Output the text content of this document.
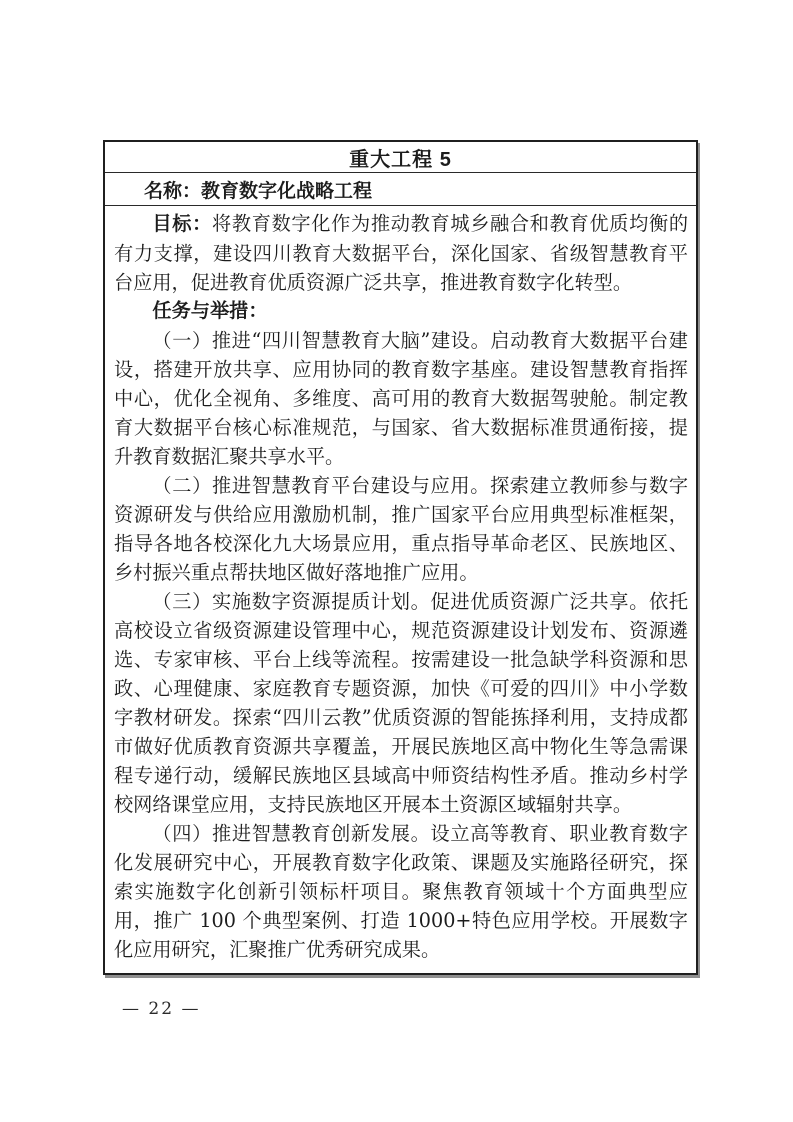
重大工程 5
名称：教育数字化战略工程

目标：将教育数字化作为推动教育城乡融合和教育优质均衡的有力支撑，建设四川教育大数据平台，深化国家、省级智慧教育平台应用，促进教育优质资源广泛共享，推进教育数字化转型。

任务与举措：

（一）推进“四川智慧教育大脑”建设。启动教育大数据平台建设，搭建开放共享、应用协同的教育数字基座。建设智慧教育指挥中心，优化全视角、多维度、高可用的教育大数据驾驶舱。制定教育大数据平台核心标准规范，与国家、省大数据标准贯通衔接，提升教育数据汇聚共享水平。

（二）推进智慧教育平台建设与应用。探索建立教师参与数字资源研发与供给应用激励机制，推广国家平台应用典型标准框架，指导各地各校深化九大场景应用，重点指导革命老区、民族地区、乡村振兴重点帮扶地区做好落地推广应用。

（三）实施数字资源提质计划。促进优质资源广泛共享。依托高校设立省级资源建设管理中心，规范资源建设计划发布、资源遴选、专家审核、平台上线等流程。按需建设一批急缺学科资源和思政、心理健康、家庭教育专题资源，加快《可爱的四川》中小学数字教材研发。探索“四川云教”优质资源的智能拣择利用，支持成都市做好优质教育资源共享覆盖，开展民族地区高中物化生等急需课程专递行动，缓解民族地区县域高中师资结构性矛盾。推动乡村学校网络课堂应用，支持民族地区开展本土资源区域辐射共享。

（四）推进智慧教育创新发展。设立高等教育、职业教育数字化发展研究中心，开展教育数字化政策、课题及实施路径研究，探索实施数字化创新引领标杆项目。聚焦教育领域十个方面典型应用，推广 100 个典型案例、打造 1000+特色应用学校。开展数字化应用研究，汇聚推广优秀研究成果。

— 22 —
